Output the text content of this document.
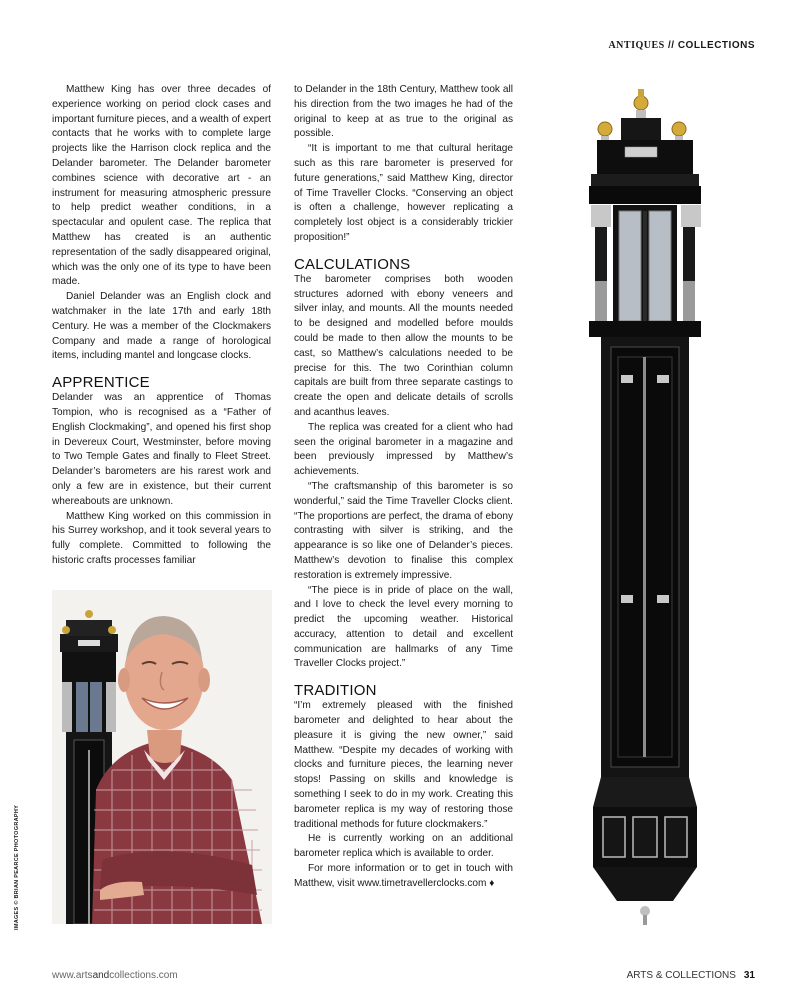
ANTIQUES // COLLECTIONS

Matthew King has over three decades of experience working on period clock cases and important furniture pieces, and a wealth of expert contacts that he works with to complete large projects like the Harrison clock replica and the Delander barometer. The Delander barometer combines science with decorative art - an instrument for measuring atmospheric pressure to help predict weather conditions, in a spectacular and opulent case. The replica that Matthew has created is an authentic representation of the sadly disappeared original, which was the only one of its type to have been made.

Daniel Delander was an English clock and watchmaker in the late 17th and early 18th Century. He was a member of the Clockmakers Company and made a range of horological items, including mantel and longcase clocks.

APPRENTICE

Delander was an apprentice of Thomas Tompion, who is recognised as a “Father of English Clockmaking”, and opened his first shop in Devereux Court, Westminster, before moving to Two Temple Gates and finally to Fleet Street. Delander’s barometers are his rarest work and only a few are in existence, but their current whereabouts are unknown.

Matthew King worked on this commission in his Surrey workshop, and it took several years to fully complete. Committed to following the historic crafts processes familiar

to Delander in the 18th Century, Matthew took all his direction from the two images he had of the original to keep at as true to the original as possible.

“It is important to me that cultural heritage such as this rare barometer is preserved for future generations,” said Matthew King, director of Time Traveller Clocks. “Conserving an object is often a challenge, however replicating a completely lost object is a considerably trickier proposition!”

CALCULATIONS

The barometer comprises both wooden structures adorned with ebony veneers and silver inlay, and mounts. All the mounts needed to be designed and modelled before moulds could be made to then allow the mounts to be cast, so Matthew’s calculations needed to be precise for this. The two Corinthian column capitals are built from three separate castings to create the open and delicate details of scrolls and acanthus leaves.

The replica was created for a client who had seen the original barometer in a magazine and been previously impressed by Matthew’s achievements.

“The craftsmanship of this barometer is so wonderful,” said the Time Traveller Clocks client. “The proportions are perfect, the drama of ebony contrasting with silver is striking, and the appearance is so like one of Delander’s pieces. Matthew’s devotion to finalise this complex restoration is extremely impressive.

“The piece is in pride of place on the wall, and I love to check the level every morning to predict the upcoming weather. Historical accuracy, attention to detail and excellent communication are hallmarks of any Time Traveller Clocks project.”

TRADITION

“I’m extremely pleased with the finished barometer and delighted to hear about the pleasure it is giving the new owner,” said Matthew. “Despite my decades of working with clocks and furniture pieces, the learning never stops! Passing on skills and knowledge is something I seek to do in my work. Creating this barometer replica is my way of restoring those traditional methods for future clockmakers.”

He is currently working on an additional barometer replica which is available to order.

For more information or to get in touch with Matthew, visit www.timetravellerclocks.com ♦

IMAGES © BRIAN PEARCE PHOTOGRAPHY
www.artsandcollections.com	ARTS & COLLECTIONS 31
